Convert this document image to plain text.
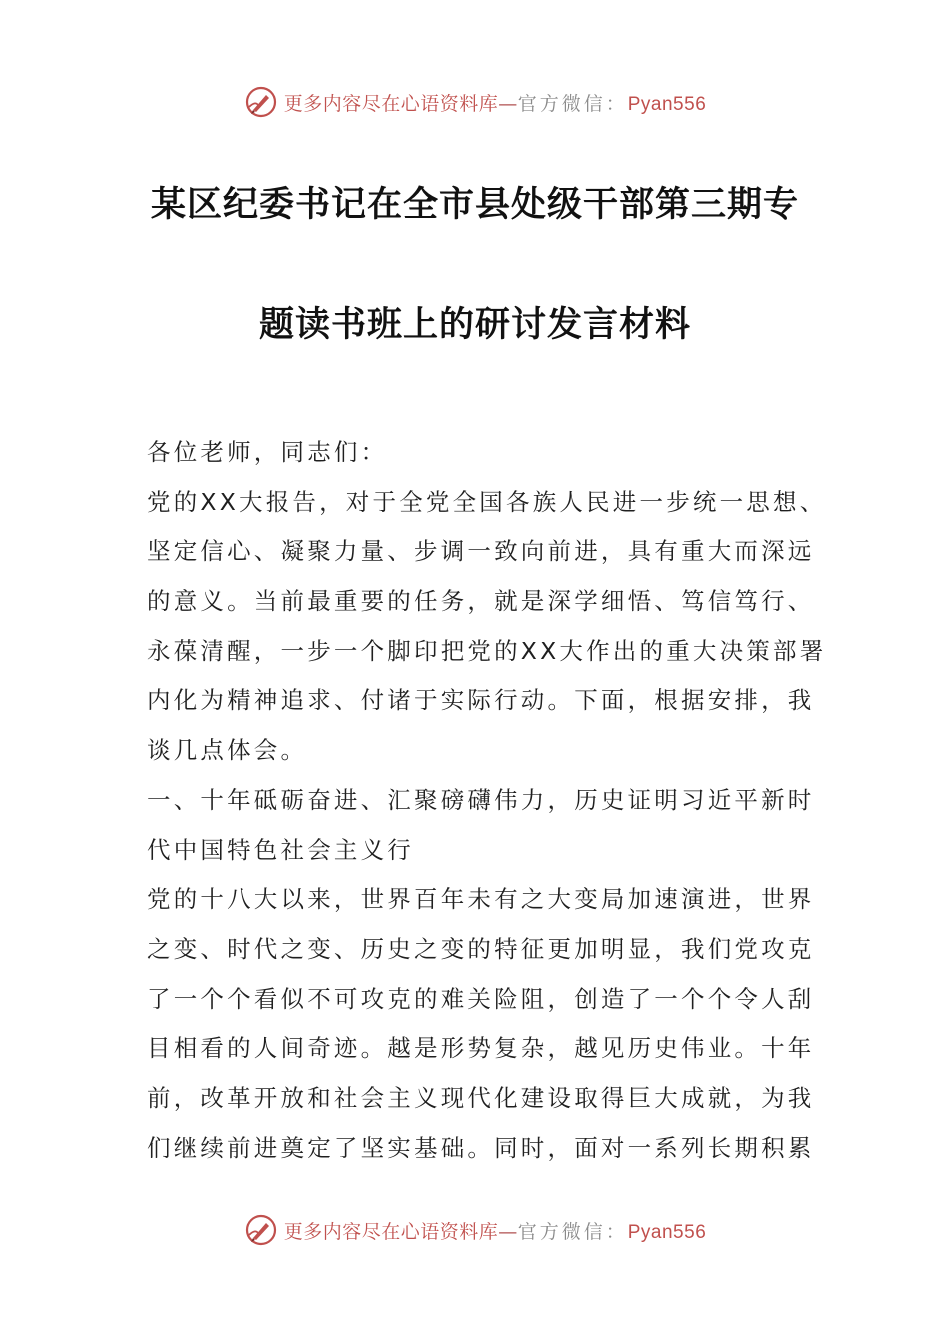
更多内容尽在心语资料库—官方微信：Pyan556
某区纪委书记在全市县处级干部第三期专
题读书班上的研讨发言材料
各位老师，同志们：
党的XX大报告，对于全党全国各族人民进一步统一思想、
坚定信心、凝聚力量、步调一致向前进，具有重大而深远
的意义。当前最重要的任务，就是深学细悟、笃信笃行、
永葆清醒，一步一个脚印把党的XX大作出的重大决策部署
内化为精神追求、付诸于实际行动。下面，根据安排，我
谈几点体会。
一、十年砥砺奋进、汇聚磅礴伟力，历史证明习近平新时
代中国特色社会主义行
党的十八大以来，世界百年未有之大变局加速演进，世界
之变、时代之变、历史之变的特征更加明显，我们党攻克
了一个个看似不可攻克的难关险阻，创造了一个个令人刮
目相看的人间奇迹。越是形势复杂，越见历史伟业。十年
前，改革开放和社会主义现代化建设取得巨大成就，为我
们继续前进奠定了坚实基础。同时，面对一系列长期积累
更多内容尽在心语资料库—官方微信：Pyan556
